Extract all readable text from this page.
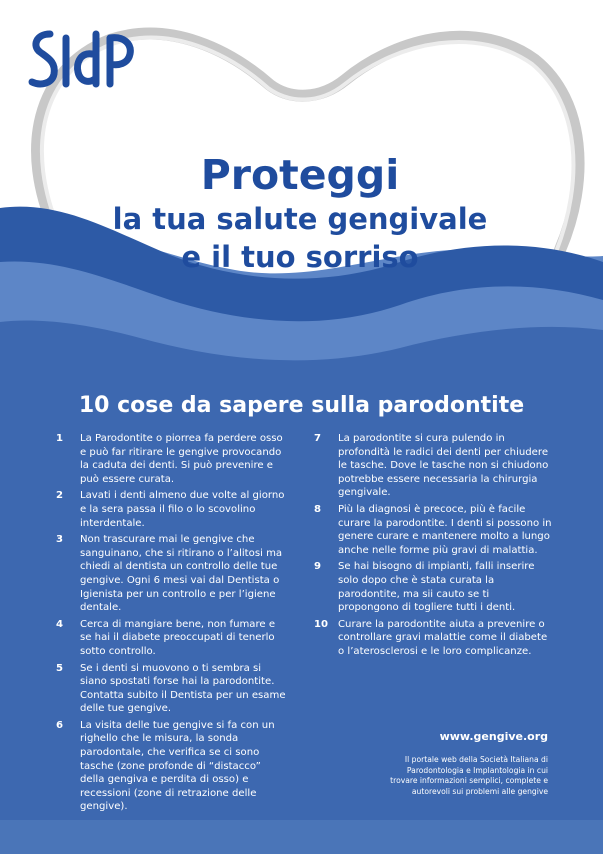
Proteggi
la tua salute gengivale
e il tuo sorriso
10 cose da sapere sulla parodontite
1 La Parodontite o piorrea fa perdere osso e può far ritirare le gengive provocando la caduta dei denti. Si può prevenire e può essere curata.
2 Lavati i denti almeno due volte al giorno e la sera passa il filo o lo scovolino interdentale.
3 Non trascurare mai le gengive che sanguinano, che si ritirano o l’alitosi ma chiedi al dentista un controllo delle tue gengive. Ogni 6 mesi vai dal Dentista o Igienista per un controllo e per l’igiene dentale.
4 Cerca di mangiare bene, non fumare e se hai il diabete preoccupati di tenerlo sotto controllo.
5 Se i denti si muovono o ti sembra si siano spostati forse hai la parodontite. Contatta subito il Dentista per un esame delle tue gengive.
6 La visita delle tue gengive si fa con un righello che le misura, la sonda parodontale, che verifica se ci sono tasche (zone profonde di “distacco” della gengiva e perdita di osso) e recessioni (zone di retrazione delle gengive).
7 La parodontite si cura pulendo in profondità le radici dei denti per chiudere le tasche. Dove le tasche non si chiudono potrebbe essere necessaria la chirurgia gengivale.
8 Più la diagnosi è precoce, più è facile curare la parodontite. I denti si possono in genere curare e mantenere molto a lungo anche nelle forme più gravi di malattia.
9 Se hai bisogno di impianti, falli inserire solo dopo che è stata curata la parodontite, ma sii cauto se ti propongono di togliere tutti i denti.
10 Curare la parodontite aiuta a prevenire o controllare gravi malattie come il diabete o l’aterosclerosi e le loro complicanze.
www.gengive.org
Il portale web della Società Italiana di Parodontologia e Implantologia in cui trovare informazioni semplici, complete e autorevoli sui problemi alle gengive
